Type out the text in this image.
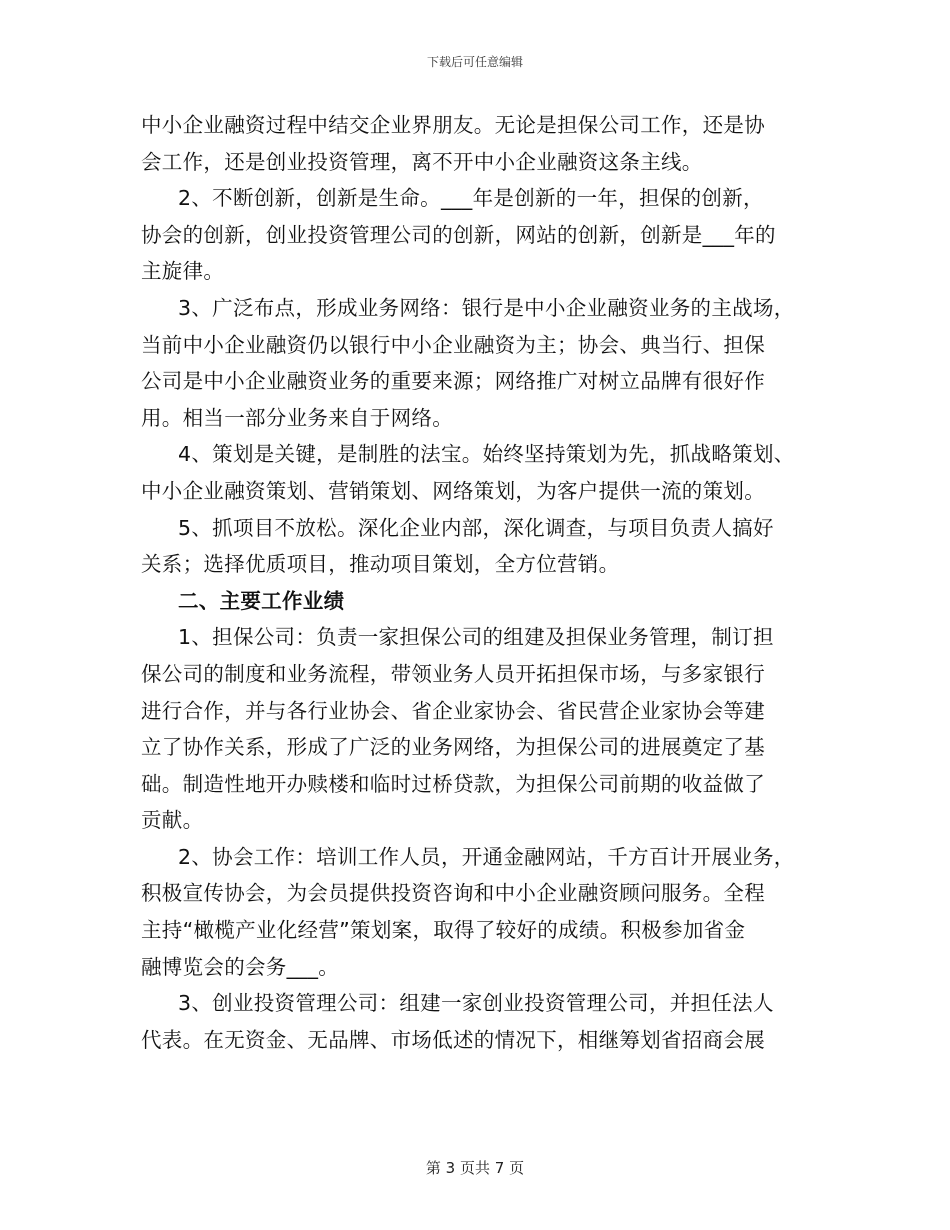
下载后可任意编辑
中小企业融资过程中结交企业界朋友。无论是担保公司工作，还是协
会工作，还是创业投资管理，离不开中小企业融资这条主线。
2、不断创新，创新是生命。___年是创新的一年，担保的创新，
协会的创新，创业投资管理公司的创新，网站的创新，创新是___年的
主旋律。
3、广泛布点，形成业务网络：银行是中小企业融资业务的主战场，
当前中小企业融资仍以银行中小企业融资为主；协会、典当行、担保
公司是中小企业融资业务的重要来源；网络推广对树立品牌有很好作
用。相当一部分业务来自于网络。
4、策划是关键，是制胜的法宝。始终坚持策划为先，抓战略策划、
中小企业融资策划、营销策划、网络策划，为客户提供一流的策划。
5、抓项目不放松。深化企业内部，深化调查，与项目负责人搞好
关系；选择优质项目，推动项目策划，全方位营销。
二、主要工作业绩
1、担保公司：负责一家担保公司的组建及担保业务管理，制订担
保公司的制度和业务流程，带领业务人员开拓担保市场，与多家银行
进行合作，并与各行业协会、省企业家协会、省民营企业家协会等建
立了协作关系，形成了广泛的业务网络，为担保公司的进展奠定了基
础。制造性地开办赎楼和临时过桥贷款，为担保公司前期的收益做了
贡献。
2、协会工作：培训工作人员，开通金融网站，千方百计开展业务，
积极宣传协会，为会员提供投资咨询和中小企业融资顾问服务。全程
主持“橄榄产业化经营”策划案，取得了较好的成绩。积极参加省金
融博览会的会务___。
3、创业投资管理公司：组建一家创业投资管理公司，并担任法人
代表。在无资金、无品牌、市场低述的情况下，相继筹划省招商会展
第 3 页共 7 页
